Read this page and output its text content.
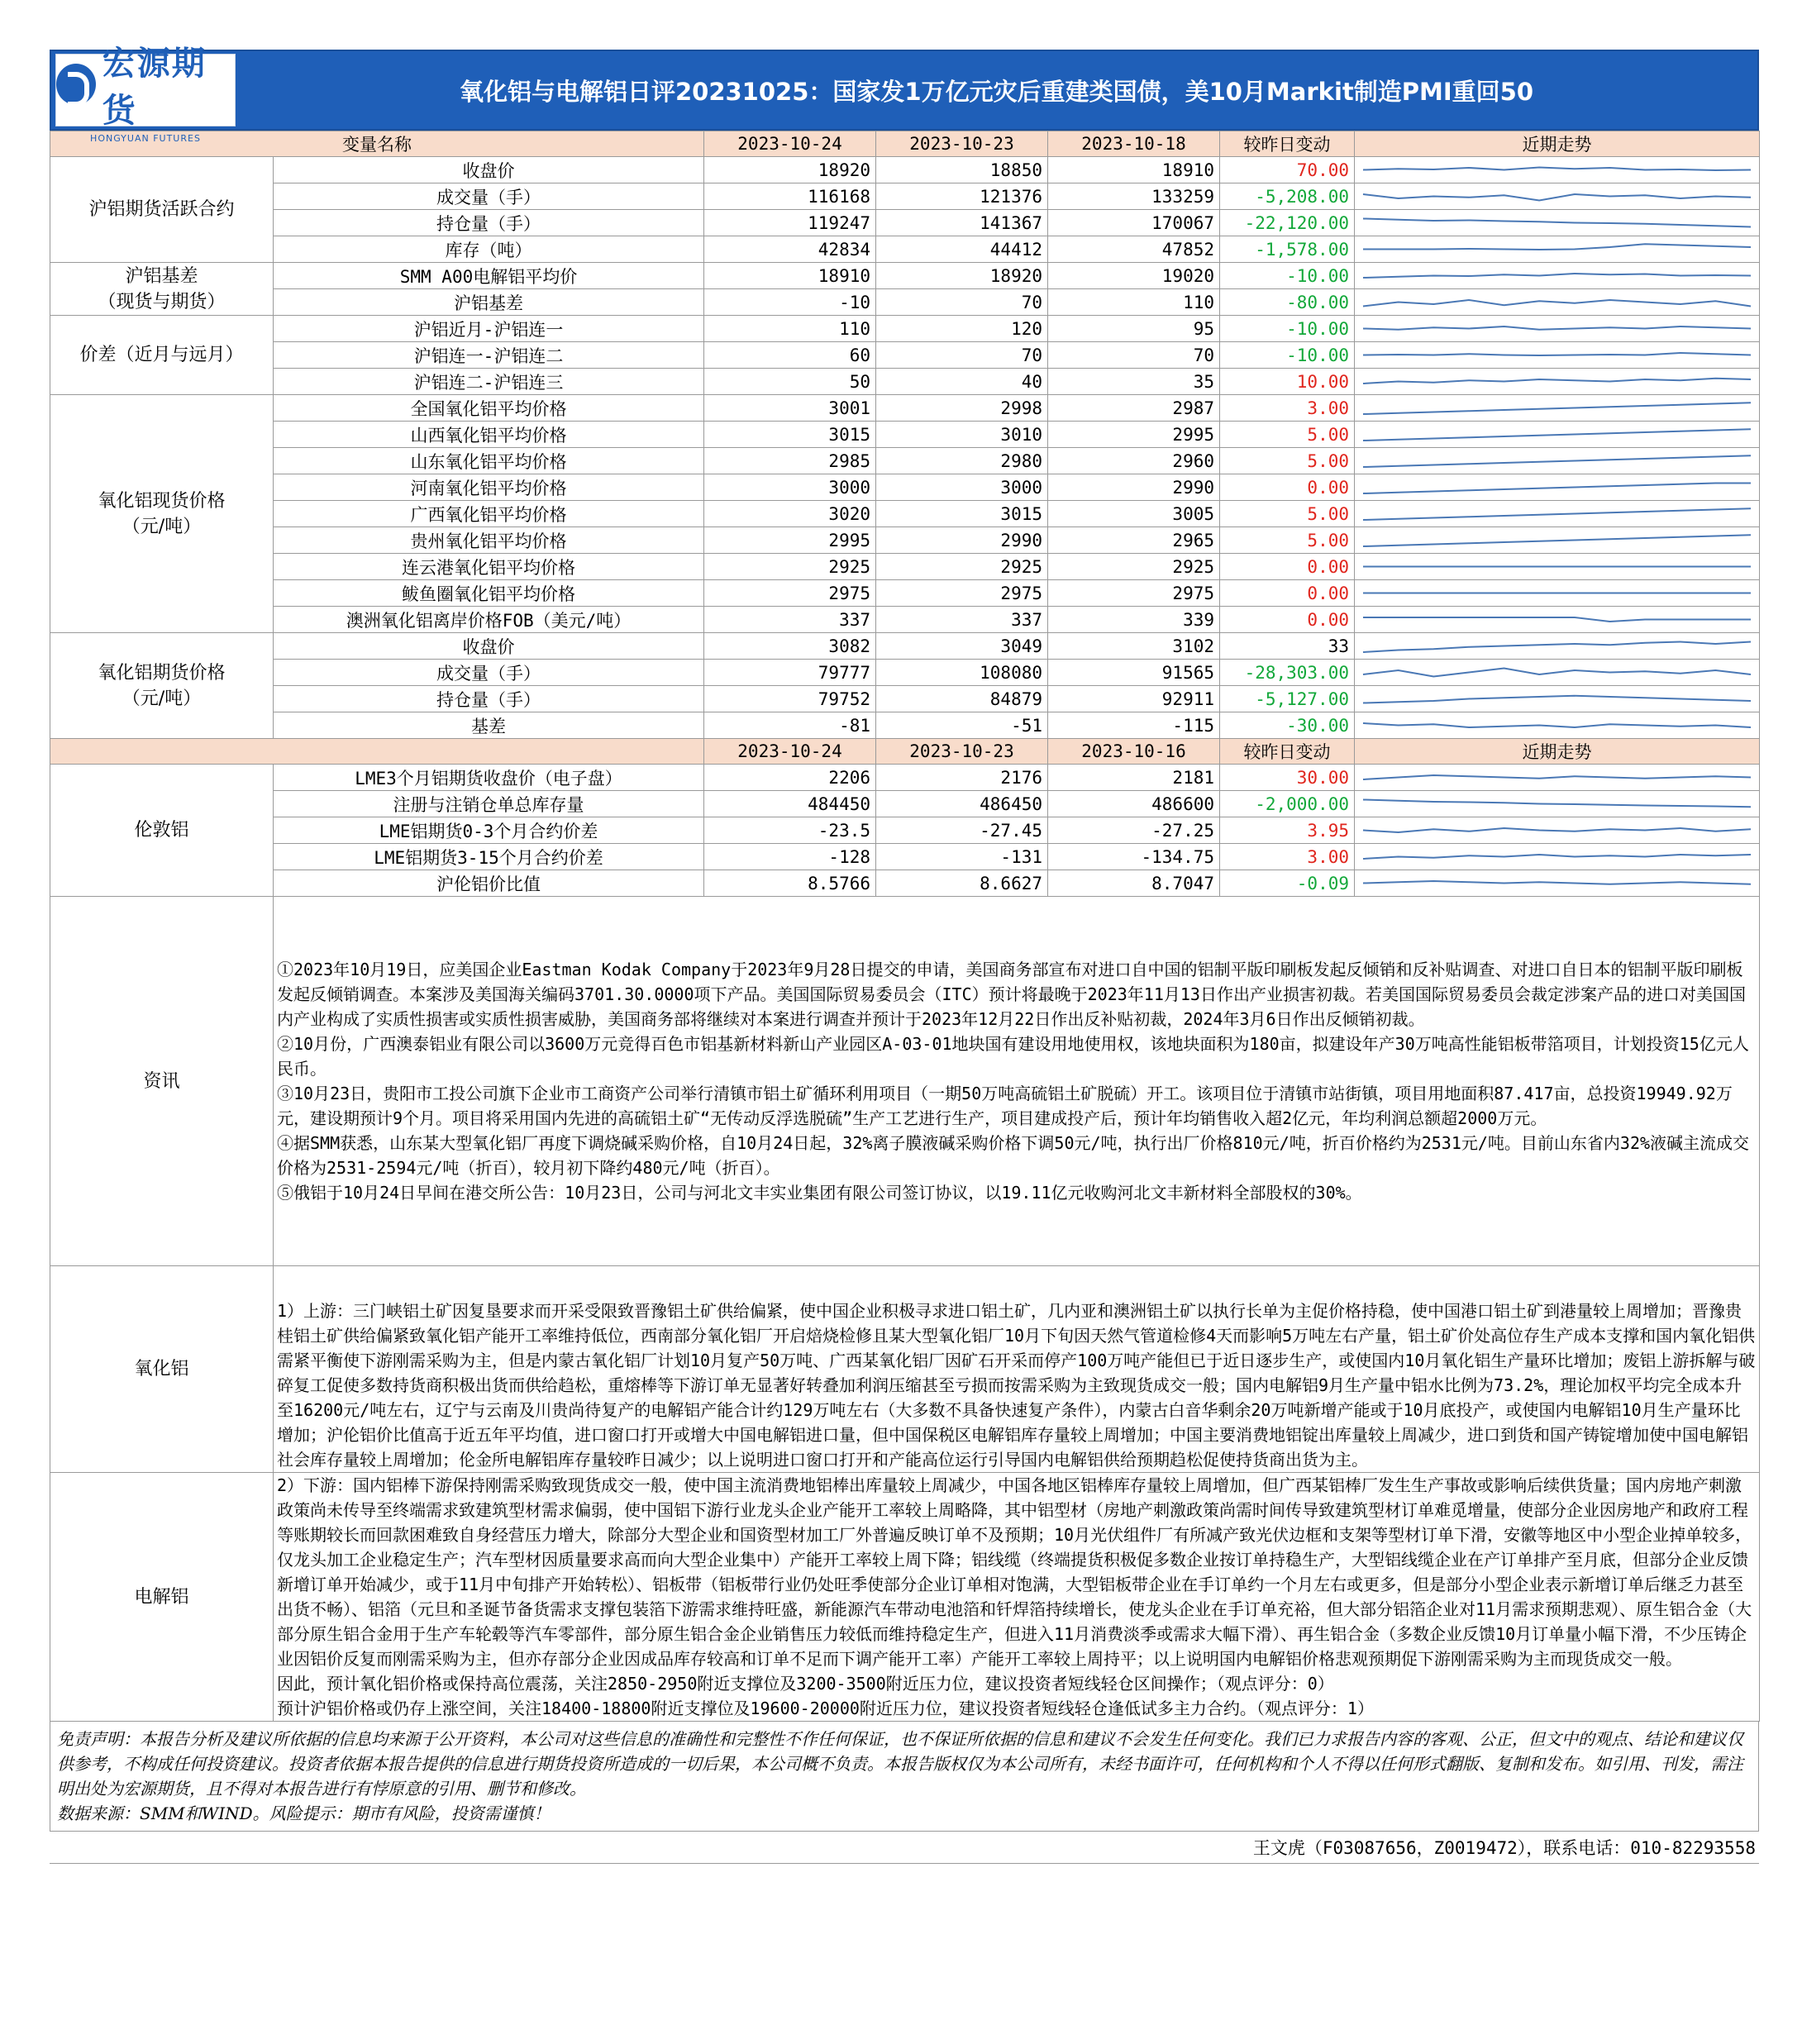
宏源期货
HONGYUAN FUTURES
氧化铝与电解铝日评20231025：国家发1万亿元灾后重建类国债，美10月Markit制造PMI重回50
变量名称		2023-10-24	2023-10-23	2023-10-18	较昨日变动	近期走势
沪铝期货活跃合约	收盘价	18920	18850	18910	70.00	

	成交量（手）	116168	121376	133259	-5,208.00	

	持仓量（手）	119247	141367	170067	-22,120.00	

	库存（吨）	42834	44412	47852	-1,578.00	

沪铝基差
（现货与期货）	SMM A00电解铝平均价	18910	18920	19020	-10.00	

	沪铝基差	-10	70	110	-80.00	

价差（近月与远月）	沪铝近月-沪铝连一	110	120	95	-10.00	

	沪铝连一-沪铝连二	60	70	70	-10.00	

	沪铝连二-沪铝连三	50	40	35	10.00	

氧化铝现货价格
（元/吨）	全国氧化铝平均价格	3001	2998	2987	3.00	

	山西氧化铝平均价格	3015	3010	2995	5.00	

	山东氧化铝平均价格	2985	2980	2960	5.00	

	河南氧化铝平均价格	3000	3000	2990	0.00	

	广西氧化铝平均价格	3020	3015	3005	5.00	

	贵州氧化铝平均价格	2995	2990	2965	5.00	

	连云港氧化铝平均价格	2925	2925	2925	0.00	

	鲅鱼圈氧化铝平均价格	2975	2975	2975	0.00	

	澳洲氧化铝离岸价格FOB（美元/吨）	337	337	339	0.00	

氧化铝期货价格
（元/吨）	收盘价	3082	3049	3102	33	

	成交量（手）	79777	108080	91565	-28,303.00	

	持仓量（手）	79752	84879	92911	-5,127.00	

	基差	-81	-51	-115	-30.00	

		2023-10-24	2023-10-23	2023-10-16	较昨日变动	近期走势
伦敦铝	LME3个月铝期货收盘价（电子盘）	2206	2176	2181	30.00	

	注册与注销仓单总库存量	484450	486450	486600	-2,000.00	

	LME铝期货0-3个月合约价差	-23.5	-27.45	-27.25	3.95	

	LME铝期货3-15个月合约价差	-128	-131	-134.75	3.00	

	沪伦铝价比值	8.5766	8.6627	8.7047	-0.09	

资讯	①2023年10月19日，应美国企业Eastman Kodak Company于2023年9月28日提交的申请，美国商务部宣布对进口自中国的铝制平版印刷板发起反倾销和反补贴调查、对进口自日本的铝制平版印刷板发起反倾销调查。本案涉及美国海关编码3701.30.0000项下产品。美国国际贸易委员会（ITC）预计将最晚于2023年11月13日作出产业损害初裁。若美国国际贸易委员会裁定涉案产品的进口对美国国内产业构成了实质性损害或实质性损害威胁，美国商务部将继续对本案进行调查并预计于2023年12月22日作出反补贴初裁，2024年3月6日作出反倾销初裁。
②10月份，广西澳泰铝业有限公司以3600万元竞得百色市铝基新材料新山产业园区A-03-01地块国有建设用地使用权，该地块面积为180亩，拟建设年产30万吨高性能铝板带箔项目，计划投资15亿元人民币。
③10月23日，贵阳市工投公司旗下企业市工商资产公司举行清镇市铝土矿循环利用项目（一期50万吨高硫铝土矿脱硫）开工。该项目位于清镇市站街镇，项目用地面积87.417亩，总投资19949.92万元，建设期预计9个月。项目将采用国内先进的高硫铝土矿“无传动反浮选脱硫”生产工艺进行生产，项目建成投产后，预计年均销售收入超2亿元，年均利润总额超2000万元。
④据SMM获悉，山东某大型氧化铝厂再度下调烧碱采购价格，自10月24日起，32%离子膜液碱采购价格下调50元/吨，执行出厂价格810元/吨，折百价格约为2531元/吨。目前山东省内32%液碱主流成交价格为2531-2594元/吨（折百），较月初下降约480元/吨（折百）。
⑤俄铝于10月24日早间在港交所公告：10月23日，公司与河北文丰实业集团有限公司签订协议，以19.11亿元收购河北文丰新材料全部股权的30%。					

氧化铝	1）上游：三门峡铝土矿因复垦要求而开采受限致晋豫铝土矿供给偏紧，使中国企业积极寻求进口铝土矿，几内亚和澳洲铝土矿以执行长单为主促价格持稳，使中国港口铝土矿到港量较上周增加；晋豫贵桂铝土矿供给偏紧致氧化铝产能开工率维持低位，西南部分氧化铝厂开启焙烧检修且某大型氧化铝厂10月下旬因天然气管道检修4天而影响5万吨左右产量，铝土矿价处高位存生产成本支撑和国内氧化铝供需紧平衡使下游刚需采购为主，但是内蒙古氧化铝厂计划10月复产50万吨、广西某氧化铝厂因矿石开采而停产100万吨产能但已于近日逐步生产，或使国内10月氧化铝生产量环比增加；废铝上游拆解与破碎复工促使多数持货商积极出货而供给趋松，重熔棒等下游订单无显著好转叠加利润压缩甚至亏损而按需采购为主致现货成交一般；国内电解铝9月生产量中铝水比例为73.2%，理论加权平均完全成本升至16200元/吨左右，辽宁与云南及川贵尚待复产的电解铝产能合计约129万吨左右（大多数不具备快速复产条件），内蒙古白音华剩余20万吨新增产能或于10月底投产，或使国内电解铝10月生产量环比增加；沪伦铝价比值高于近五年平均值，进口窗口打开或增大中国电解铝进口量，但中国保税区电解铝库存量较上周增加；中国主要消费地铝锭出库量较上周减少，进口到货和国产铸锭增加使中国电解铝社会库存量较上周增加；伦金所电解铝库存量较昨日减少；以上说明进口窗口打开和产能高位运行引导国内电解铝供给预期趋松促使持货商出货为主。					

电解铝	2）下游：国内铝棒下游保持刚需采购致现货成交一般，使中国主流消费地铝棒出库量较上周减少，中国各地区铝棒库存量较上周增加，但广西某铝棒厂发生生产事故或影响后续供货量；国内房地产刺激政策尚未传导至终端需求致建筑型材需求偏弱，使中国铝下游行业龙头企业产能开工率较上周略降，其中铝型材（房地产刺激政策尚需时间传导致建筑型材订单难觅增量，使部分企业因房地产和政府工程等账期较长而回款困难致自身经营压力增大，除部分大型企业和国资型材加工厂外普遍反映订单不及预期；10月光伏组件厂有所减产致光伏边框和支架等型材订单下滑，安徽等地区中小型企业掉单较多，仅龙头加工企业稳定生产；汽车型材因质量要求高而向大型企业集中）产能开工率较上周下降；铝线缆（终端提货积极促多数企业按订单持稳生产，大型铝线缆企业在产订单排产至月底，但部分企业反馈新增订单开始减少，或于11月中旬排产开始转松）、铝板带（铝板带行业仍处旺季使部分企业订单相对饱满，大型铝板带企业在手订单约一个月左右或更多，但是部分小型企业表示新增订单后继乏力甚至出货不畅）、铝箔（元旦和圣诞节备货需求支撑包装箔下游需求维持旺盛，新能源汽车带动电池箔和钎焊箔持续增长，使龙头企业在手订单充裕，但大部分铝箔企业对11月需求预期悲观）、原生铝合金（大部分原生铝合金用于生产车轮毂等汽车零部件，部分原生铝合金企业销售压力较低而维持稳定生产，但进入11月消费淡季或需求大幅下滑）、再生铝合金（多数企业反馈10月订单量小幅下滑，不少压铸企业因铝价反复而刚需采购为主，但亦存部分企业因成品库存较高和订单不足而下调产能开工率）产能开工率较上周持平；以上说明国内电解铝价格悲观预期促下游刚需采购为主而现货成交一般。
因此，预计氧化铝价格或保持高位震荡，关注2850-2950附近支撑位及3200-3500附近压力位，建议投资者短线轻仓区间操作；（观点评分：0）
预计沪铝价格或仍存上涨空间，关注18400-18800附近支撑位及19600-20000附近压力位，建议投资者短线轻仓逢低试多主力合约。（观点评分：1）					
免责声明：本报告分析及建议所依据的信息均来源于公开资料，本公司对这些信息的准确性和完整性不作任何保证，也不保证所依据的信息和建议不会发生任何变化。我们已力求报告内容的客观、公正，但文中的观点、结论和建议仅供参考，不构成任何投资建议。投资者依据本报告提供的信息进行期货投资所造成的一切后果，本公司概不负责。本报告版权仅为本公司所有，未经书面许可，任何机构和个人不得以任何形式翻版、复制和发布。如引用、刊发，需注明出处为宏源期货，且不得对本报告进行有悖原意的引用、删节和修改。
数据来源：SMM和WIND。风险提示：期市有风险，投资需谨慎！
王文虎（F03087656，Z0019472），联系电话：010-82293558
